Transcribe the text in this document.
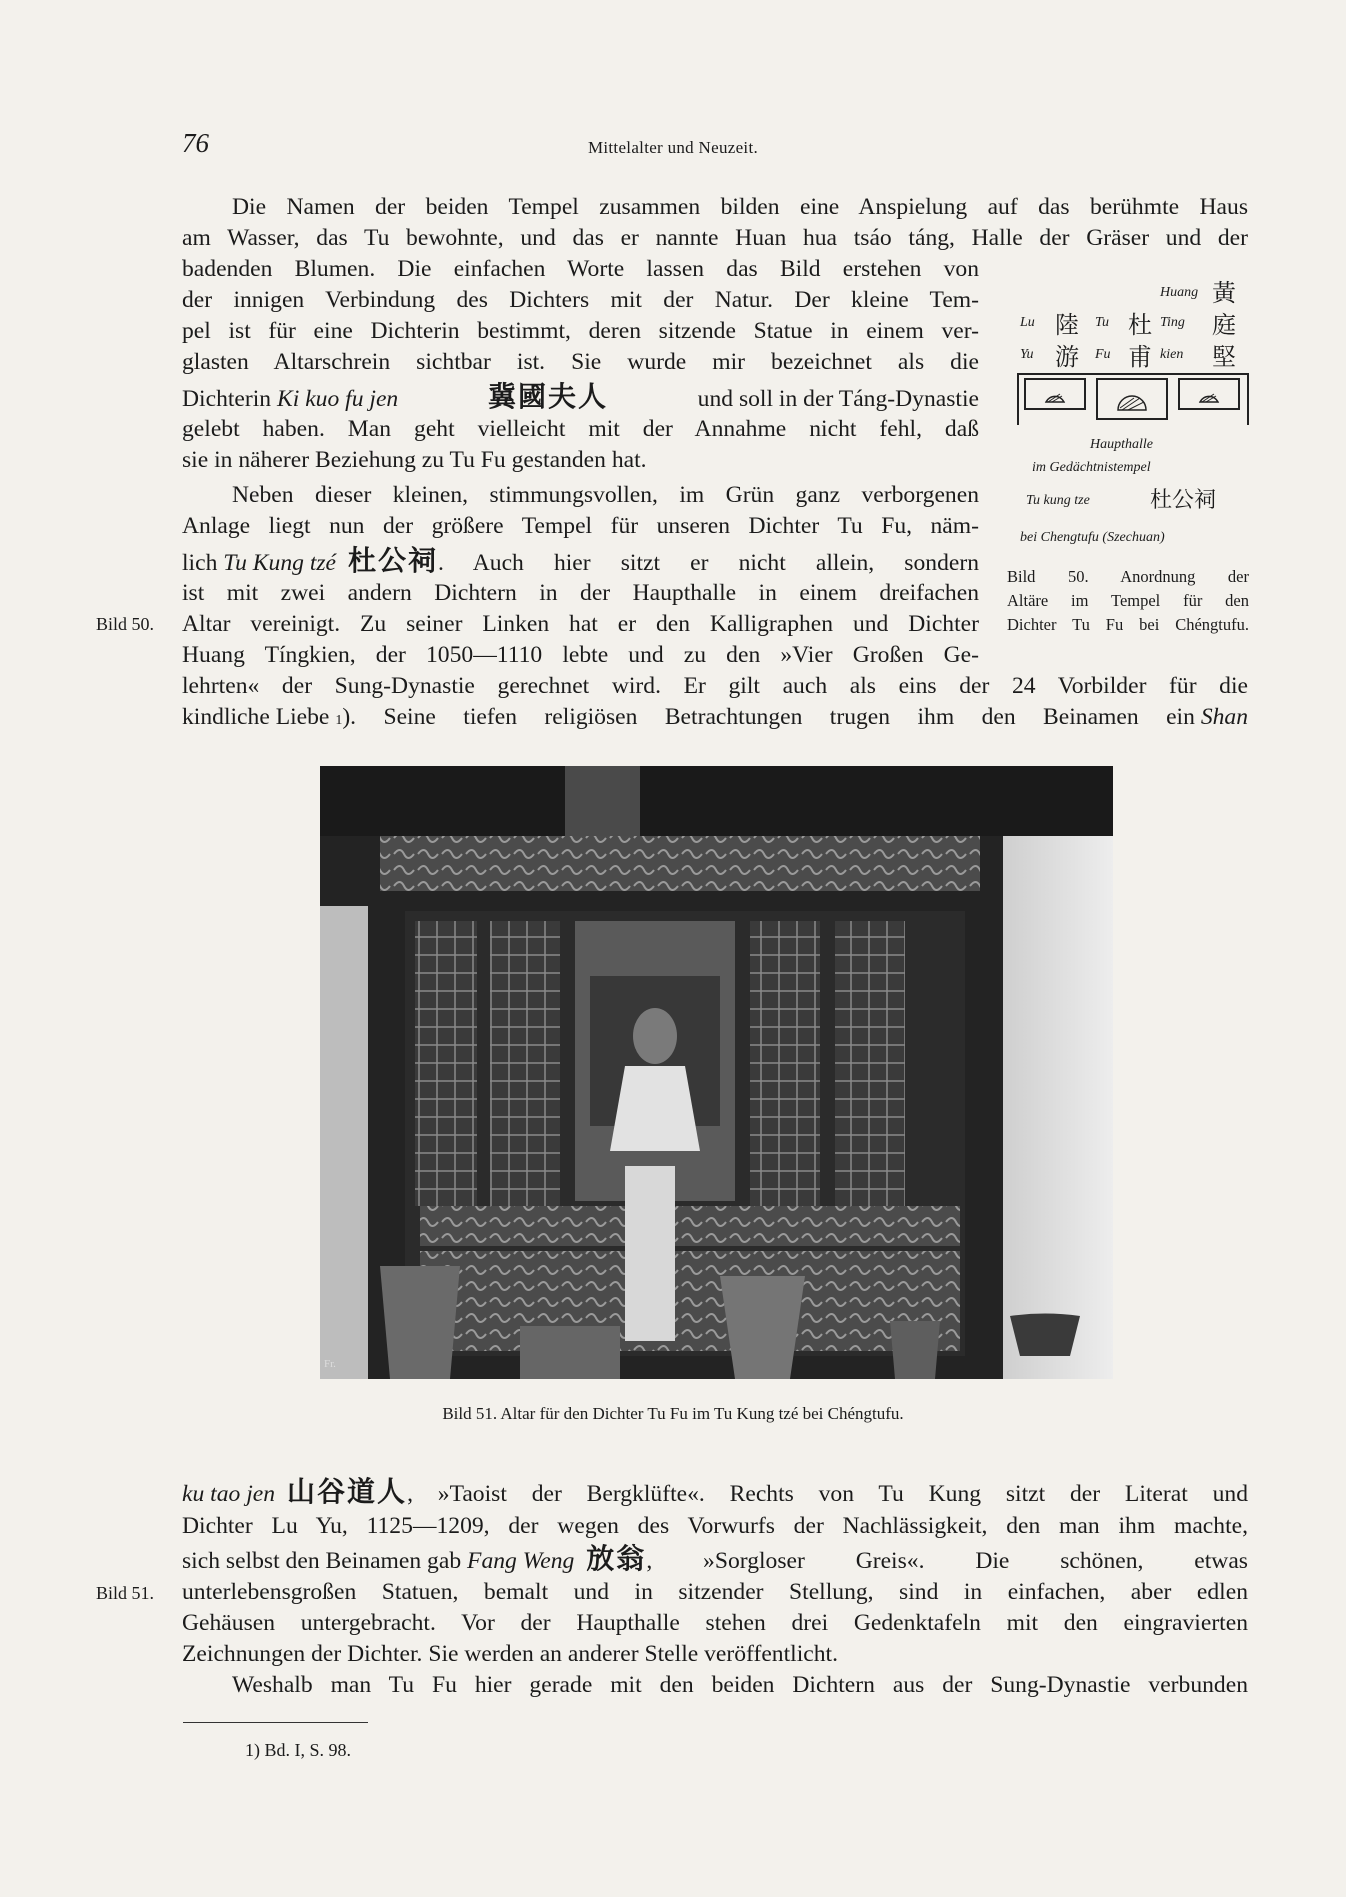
76	Mittelalter und Neuzeit.
Die Namen der beiden Tempel zusammen bilden eine Anspielung auf das berühmte Haus
am Wasser, das Tu bewohnte, und das er nannte Huan hua tsáo táng, Halle der Gräser und der
badenden Blumen. Die einfachen Worte lassen das Bild erstehen von
der innigen Verbindung des Dichters mit der Natur. Der kleine Tem-
pel ist für eine Dichterin bestimmt, deren sitzende Statue in einem ver-
glasten Altarschrein sichtbar ist. Sie wurde mir bezeichnet als die
Dichterin Ki kuo fu jen	冀國夫人	und soll in der Táng-Dynastie
gelebt haben. Man geht vielleicht mit der Annahme nicht fehl, daß
sie in näherer Beziehung zu Tu Fu gestanden hat.
Neben dieser kleinen, stimmungsvollen, im Grün ganz verborgenen
Anlage liegt nun der größere Tempel für unseren Dichter Tu Fu, näm-
lich Tu Kung tzé 杜公祠 . Auch hier sitzt er nicht allein, sondern
ist mit zwei andern Dichtern in der Haupthalle in einem dreifachen
Bild 50. Altar vereinigt. Zu seiner Linken hat er den Kalligraphen und Dichter
Huang Tíngkien, der 1050—1110 lebte und zu den »Vier Großen Ge-
lehrten« der Sung-Dynastie gerechnet wird. Er gilt auch als eins der 24 Vorbilder für die
kindliche Liebe 1 ). Seine tiefen religiösen Betrachtungen trugen ihm den Beinamen ein Shan
Huang 黃
Lu 陸 Tu 杜 Ting 庭
Yu 游 Fu 甫 kien 堅
Haupthalle
im Gedächtnistempel
Tu kung tze	杜公祠
bei Chengtufu (Szechuan)
Bild 50. Anordnung der
Altäre im Tempel für den
Dichter Tu Fu bei Chéngtufu.
Fr.
Bild 51. Altar für den Dichter Tu Fu im Tu Kung tzé bei Chéngtufu.
ku tao jen 山谷道人 , »Taoist der Bergklüfte«. Rechts von Tu Kung sitzt der Literat und
Dichter Lu Yu, 1125—1209, der wegen des Vorwurfs der Nachlässigkeit, den man ihm machte,
sich selbst den Beinamen gab Fang Weng 放翁 , »Sorgloser Greis«. Die schönen, etwas
Bild 51. unterlebensgroßen Statuen, bemalt und in sitzender Stellung, sind in einfachen, aber edlen
Gehäusen untergebracht. Vor der Haupthalle stehen drei Gedenktafeln mit den eingravierten
Zeichnungen der Dichter. Sie werden an anderer Stelle veröffentlicht.
Weshalb man Tu Fu hier gerade mit den beiden Dichtern aus der Sung-Dynastie verbunden
1) Bd. I, S. 98.
